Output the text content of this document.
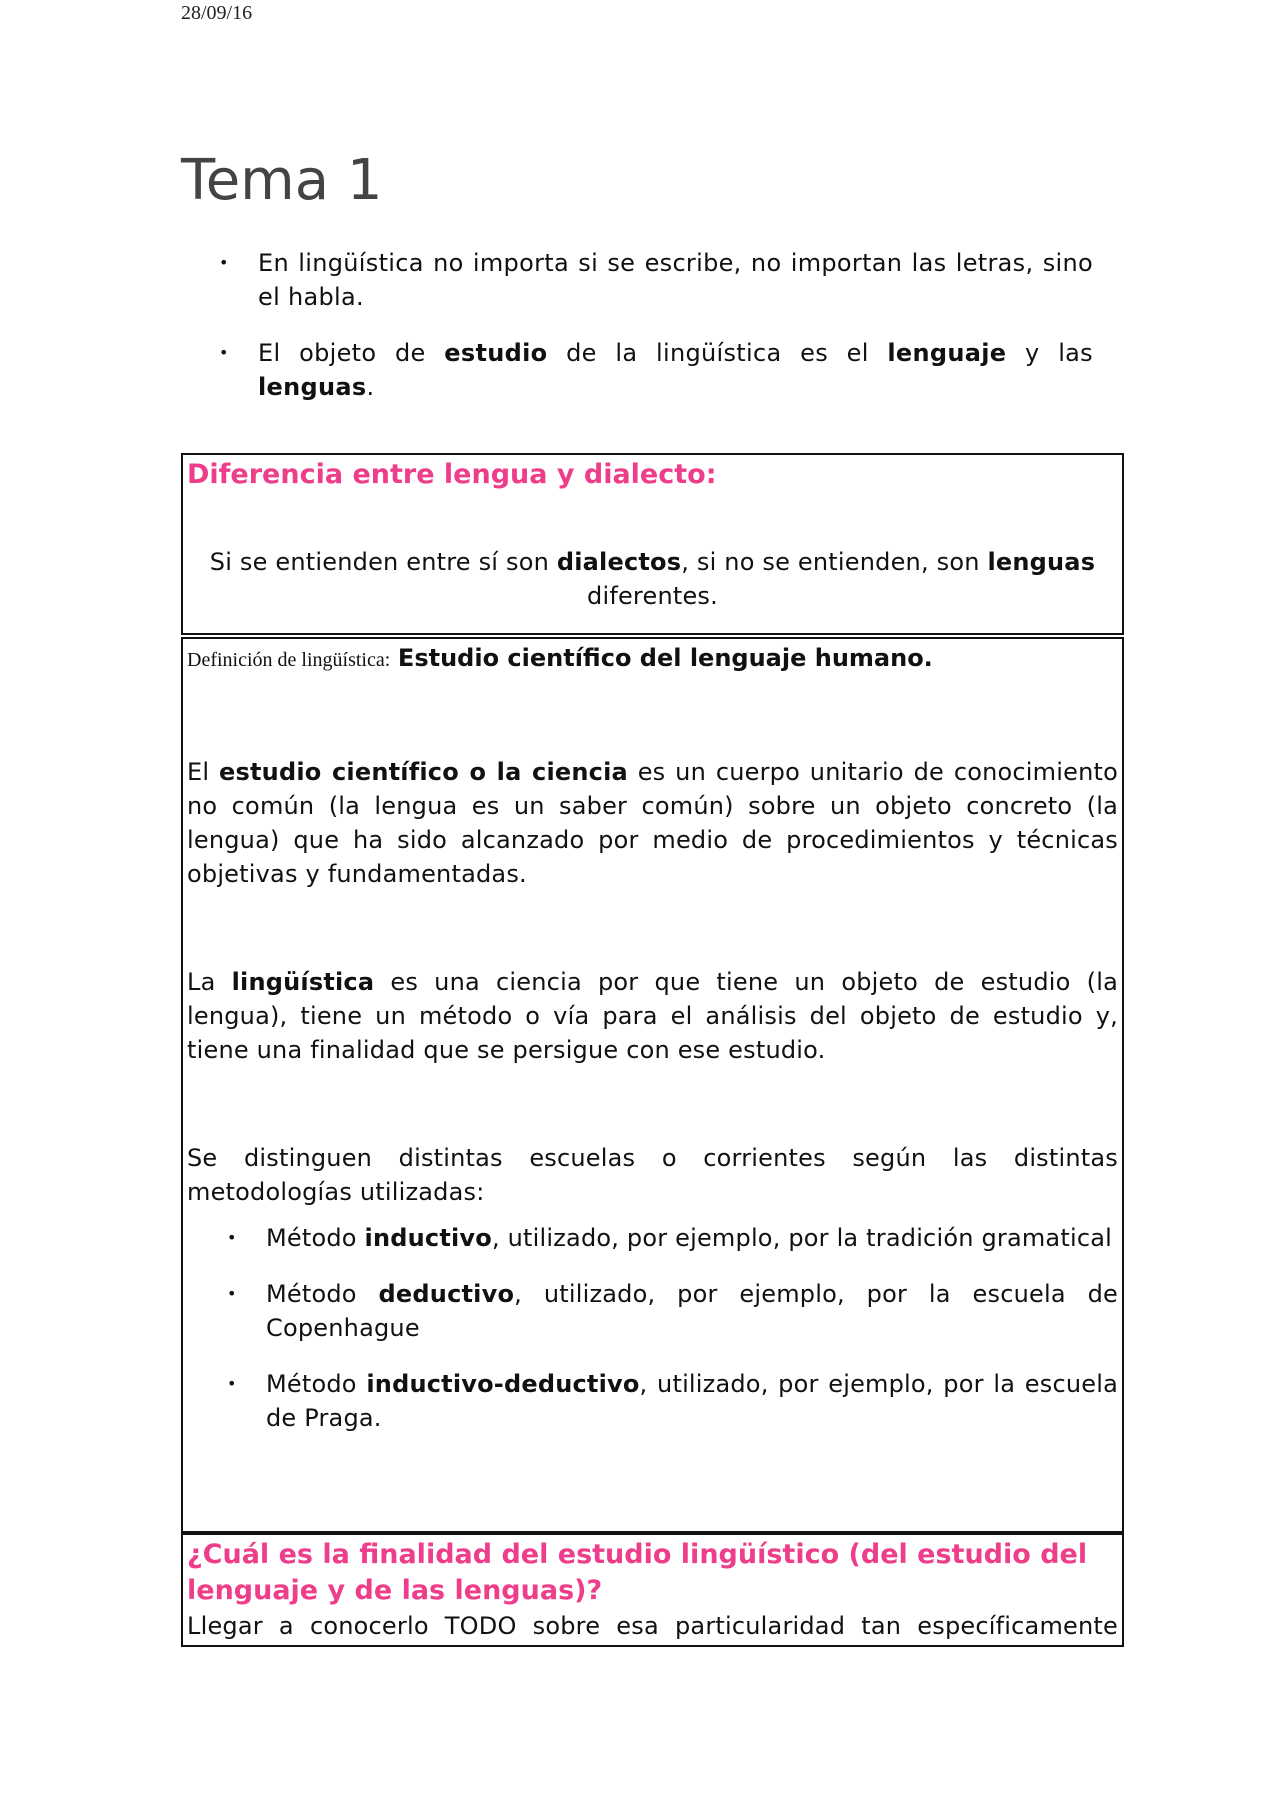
28/09/16
Tema 1
• En lingüística no importa si se escribe, no importan las letras, sino el habla.
• El objeto de estudio de la lingüística es el lenguaje y las lenguas.

Diferencia entre lengua y dialecto:

Si se entienden entre sí son dialectos, si no se entienden, son lenguas diferentes.

Definición de lingüística: Estudio científico del lenguaje humano.

El estudio científico o la ciencia es un cuerpo unitario de conocimiento no común (la lengua es un saber común) sobre un objeto concreto (la lengua) que ha sido alcanzado por medio de procedimientos y técnicas objetivas y fundamentadas.

La lingüística es una ciencia por que tiene un objeto de estudio (la lengua), tiene un método o vía para el análisis del objeto de estudio y, tiene una finalidad que se persigue con ese estudio.

Se distinguen distintas escuelas o corrientes según las distintas metodologías utilizadas:

• Método inductivo, utilizado, por ejemplo, por la tradición gramatical
• Método deductivo, utilizado, por ejemplo, por la escuela de Copenhague
• Método inductivo-deductivo, utilizado, por ejemplo, por la escuela de Praga.

¿Cuál es la finalidad del estudio lingüístico (del estudio del lenguaje y de las lenguas)?

Llegar a conocerlo TODO sobre esa particularidad tan específicamente
